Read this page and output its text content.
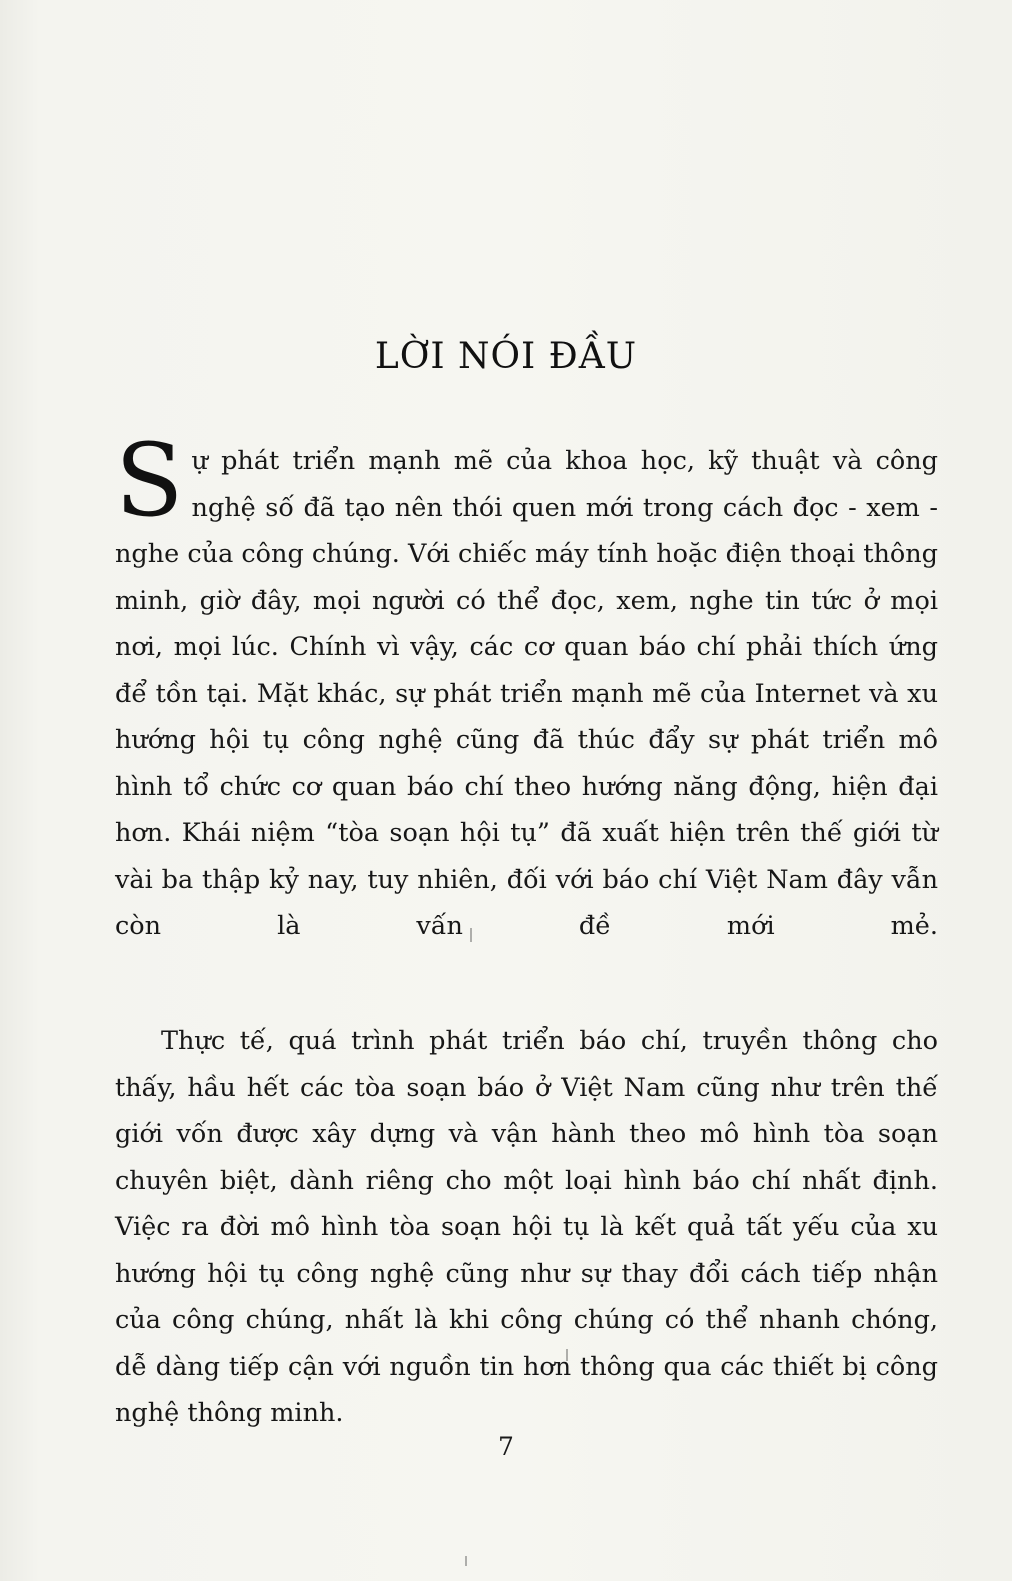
LỜI NÓI ĐẦU

Sự phát triển mạnh mẽ của khoa học, kỹ thuật và công nghệ số đã tạo nên thói quen mới trong cách đọc - xem - nghe của công chúng. Với chiếc máy tính hoặc điện thoại thông minh, giờ đây, mọi người có thể đọc, xem, nghe tin tức ở mọi nơi, mọi lúc. Chính vì vậy, các cơ quan báo chí phải thích ứng để tồn tại. Mặt khác, sự phát triển mạnh mẽ của Internet và xu hướng hội tụ công nghệ cũng đã thúc đẩy sự phát triển mô hình tổ chức cơ quan báo chí theo hướng năng động, hiện đại hơn. Khái niệm “tòa soạn hội tụ” đã xuất hiện trên thế giới từ vài ba thập kỷ nay, tuy nhiên, đối với báo chí Việt Nam đây vẫn còn là vấn đề mới mẻ.

Thực tế, quá trình phát triển báo chí, truyền thông cho thấy, hầu hết các tòa soạn báo ở Việt Nam cũng như trên thế giới vốn được xây dựng và vận hành theo mô hình tòa soạn chuyên biệt, dành riêng cho một loại hình báo chí nhất định. Việc ra đời mô hình tòa soạn hội tụ là kết quả tất yếu của xu hướng hội tụ công nghệ cũng như sự thay đổi cách tiếp nhận của công chúng, nhất là khi công chúng có thể nhanh chóng, dễ dàng tiếp cận với nguồn tin hơn thông qua các thiết bị công nghệ thông minh.

7
